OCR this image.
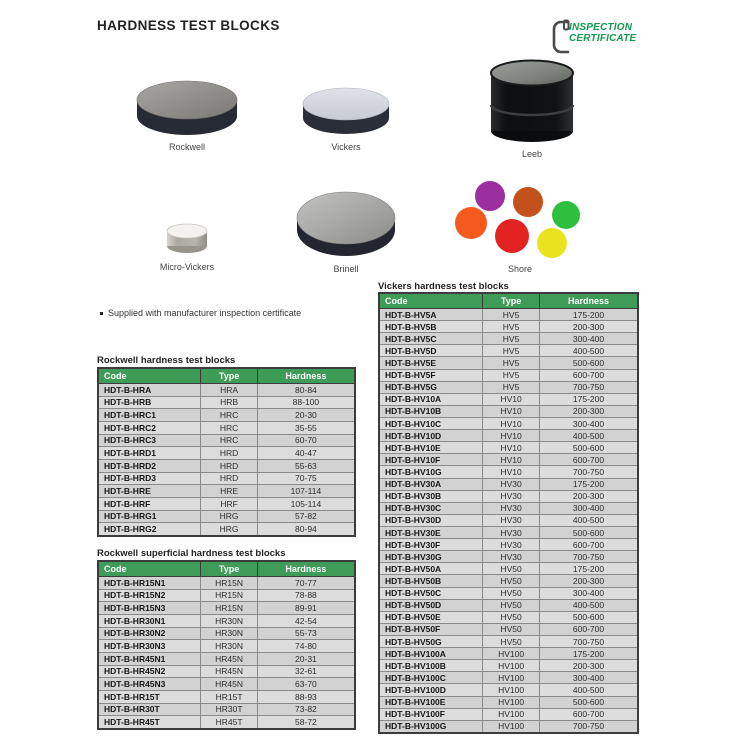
HARDNESS TEST BLOCKS	INSPECTION
CERTIFICATE
Rockwell	Vickers
Leeb
Micro-Vickers	Brinell	Shore
Supplied with manufacturer inspection certificate
Rockwell hardness test blocks
Code	Type	Hardness
HDT-B-HRA	HRA	80-84
HDT-B-HRB	HRB	88-100
HDT-B-HRC1	HRC	20-30
HDT-B-HRC2	HRC	35-55
HDT-B-HRC3	HRC	60-70
HDT-B-HRD1	HRD	40-47
HDT-B-HRD2	HRD	55-63
HDT-B-HRD3	HRD	70-75
HDT-B-HRE	HRE	107-114
HDT-B-HRF	HRF	105-114
HDT-B-HRG1	HRG	57-82
HDT-B-HRG2	HRG	80-94
Rockwell superficial hardness test blocks
Code	Type	Hardness
HDT-B-HR15N1	HR15N	70-77
HDT-B-HR15N2	HR15N	78-88
HDT-B-HR15N3	HR15N	89-91
HDT-B-HR30N1	HR30N	42-54
HDT-B-HR30N2	HR30N	55-73
HDT-B-HR30N3	HR30N	74-80
HDT-B-HR45N1	HR45N	20-31
HDT-B-HR45N2	HR45N	32-61
HDT-B-HR45N3	HR45N	63-70
HDT-B-HR15T	HR15T	88-93
HDT-B-HR30T	HR30T	73-82
HDT-B-HR45T	HR45T	58-72
Vickers hardness test blocks
Code	Type	Hardness
HDT-B-HV5A	HV5	175-200
HDT-B-HV5B	HV5	200-300
HDT-B-HV5C	HV5	300-400
HDT-B-HV5D	HV5	400-500
HDT-B-HV5E	HV5	500-600
HDT-B-HV5F	HV5	600-700
HDT-B-HV5G	HV5	700-750
HDT-B-HV10A	HV10	175-200
HDT-B-HV10B	HV10	200-300
HDT-B-HV10C	HV10	300-400
HDT-B-HV10D	HV10	400-500
HDT-B-HV10E	HV10	500-600
HDT-B-HV10F	HV10	600-700
HDT-B-HV10G	HV10	700-750
HDT-B-HV30A	HV30	175-200
HDT-B-HV30B	HV30	200-300
HDT-B-HV30C	HV30	300-400
HDT-B-HV30D	HV30	400-500
HDT-B-HV30E	HV30	500-600
HDT-B-HV30F	HV30	600-700
HDT-B-HV30G	HV30	700-750
HDT-B-HV50A	HV50	175-200
HDT-B-HV50B	HV50	200-300
HDT-B-HV50C	HV50	300-400
HDT-B-HV50D	HV50	400-500
HDT-B-HV50E	HV50	500-600
HDT-B-HV50F	HV50	600-700
HDT-B-HV50G	HV50	700-750
HDT-B-HV100A	HV100	175-200
HDT-B-HV100B	HV100	200-300
HDT-B-HV100C	HV100	300-400
HDT-B-HV100D	HV100	400-500
HDT-B-HV100E	HV100	500-600
HDT-B-HV100F	HV100	600-700
HDT-B-HV100G	HV100	700-750
